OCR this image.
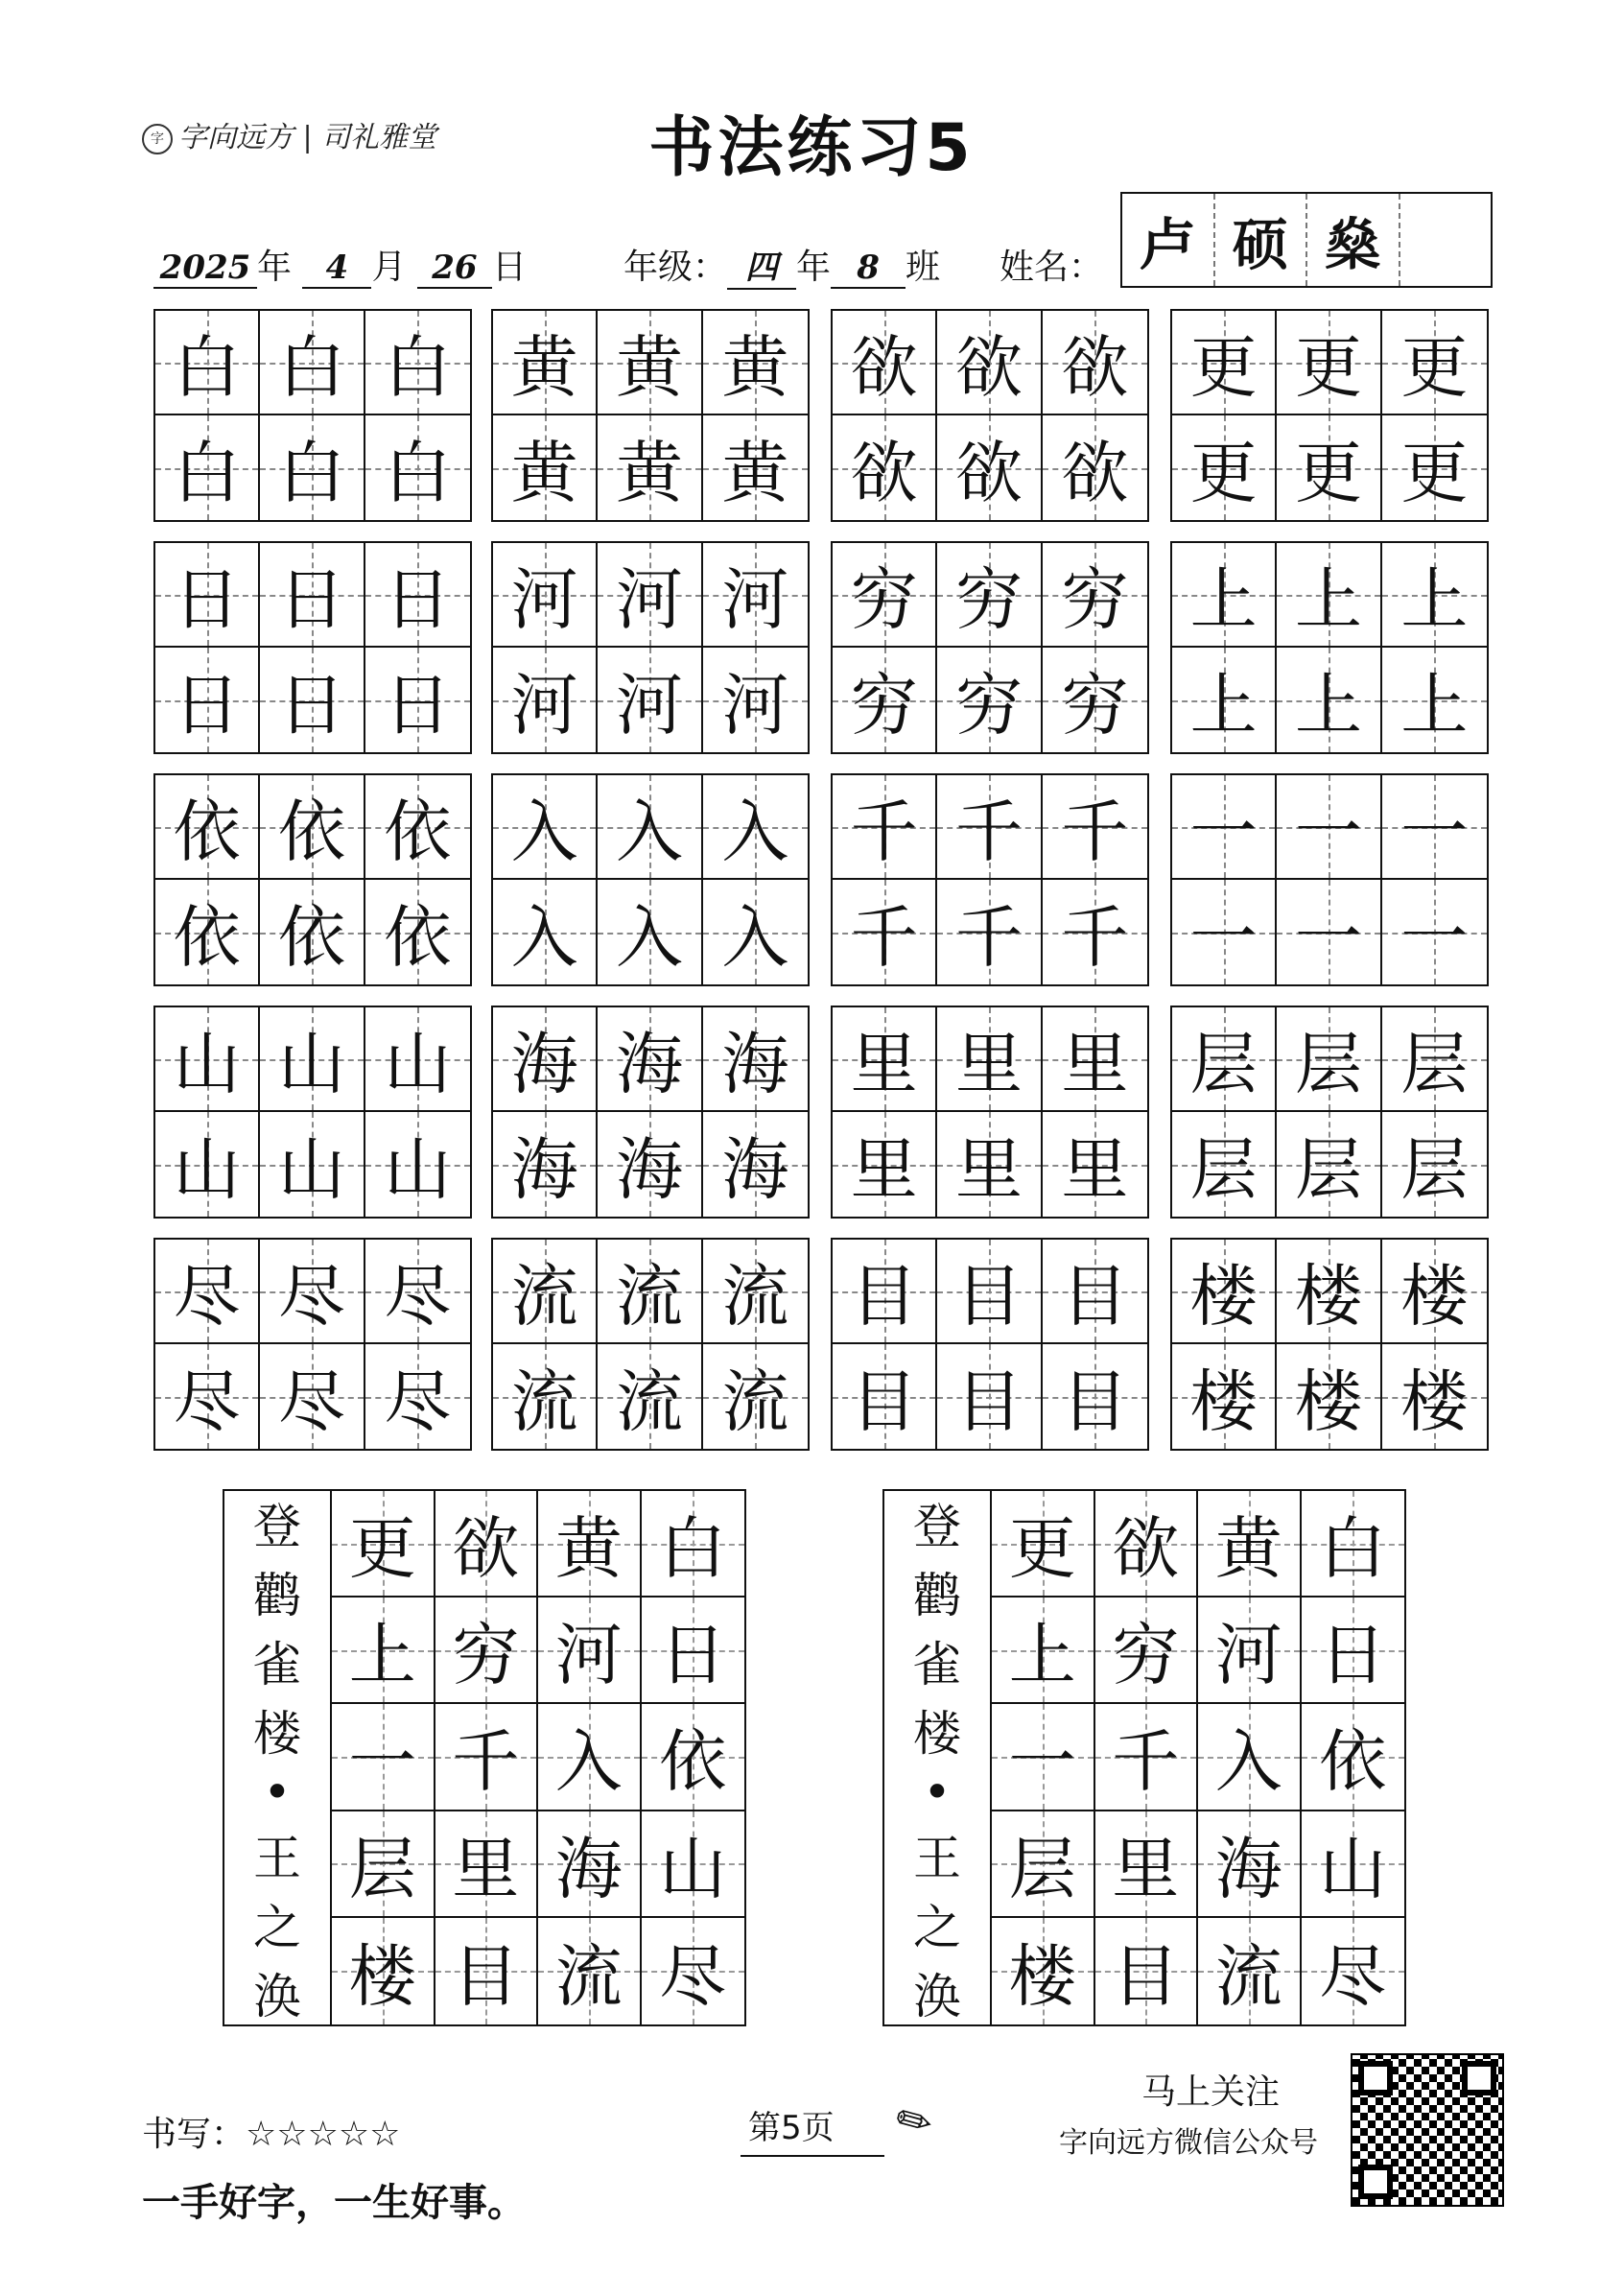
字 字向远方 | 司礼雅堂	书法练习5
2025 年 4 月 26 日	年级： 四 年 8 班 姓名： 卢 硕 燊
白 白 白
白 白 白
黄 黄 黄
黄 黄 黄
欲 欲 欲
欲 欲 欲
更 更 更
更 更 更
日 日 日
日 日 日
河 河 河
河 河 河
穷 穷 穷
穷 穷 穷
上 上 上
上 上 上
依 依 依
依 依 依
入 入 入
入 入 入
千 千 千
千 千 千
一 一 一
一 一 一
山 山 山
山 山 山
海 海 海
海 海 海
里 里 里
里 里 里
层 层 层
层 层 层
尽 尽 尽
尽 尽 尽
流 流 流
流 流 流
目 目 目
目 目 目
楼 楼 楼
楼 楼 楼
登
鹳
雀
楼
•
王
之
涣
更 欲 黄 白
上 穷 河 日
一 千 入 依
层 里 海 山
楼 目 流 尽
登
鹳
雀
楼
•
王
之
涣
更 欲 黄 白
上 穷 河 日
一 千 入 依
层 里 海 山
楼 目 流 尽
书写：☆☆☆☆☆	第5页 ✎	马上关注
字向远方微信公众号
一手好字，一生好事。
